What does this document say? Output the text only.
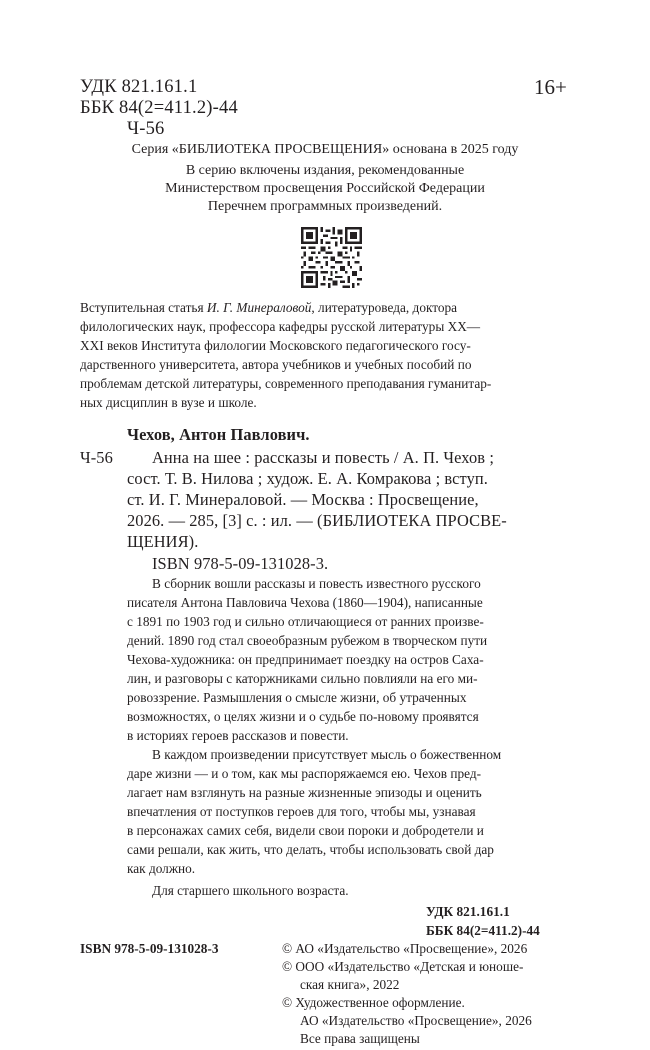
УДК 821.161.1
ББК 84(2=411.2)-44
Ч-56
16+
Серия «БИБЛИОТЕКА ПРОСВЕЩЕНИЯ» основана в 2025 году
В серию включены издания, рекомендованные
Министерством просвещения Российской Федерации
Перечнем программных произведений.
Вступительная статья И. Г. Минераловой, литературоведа, доктора
филологических наук, профессора кафедры русской литературы XX—
XXI веков Института филологии Московского педагогического госу-
дарственного университета, автора учебников и учебных пособий по
проблемам детской литературы, современного преподавания гуманитар-
ных дисциплин в вузе и школе.
Чехов, Антон Павлович.
Ч-56 Анна на шее : рассказы и повесть / А. П. Чехов ;
сост. Т. В. Нилова ; худож. Е. А. Комракова ; вступ.
ст. И. Г. Минераловой. — Москва : Просвещение,
2026. — 285, [3] с. : ил. — (БИБЛИОТЕКА ПРОСВЕ-
ЩЕНИЯ).
ISBN 978-5-09-131028-3.
В сборник вошли рассказы и повесть известного русского
писателя Антона Павловича Чехова (1860—1904), написанные
с 1891 по 1903 год и сильно отличающиеся от ранних произве-
дений. 1890 год стал своеобразным рубежом в творческом пути
Чехова-художника: он предпринимает поездку на остров Саха-
лин, и разговоры с каторжниками сильно повлияли на его ми-
ровоззрение. Размышления о смысле жизни, об утраченных
возможностях, о целях жизни и о судьбе по-новому проявятся
в историях героев рассказов и повести.
В каждом произведении присутствует мысль о божественном
даре жизни — и о том, как мы распоряжаемся ею. Чехов пред-
лагает нам взглянуть на разные жизненные эпизоды и оценить
впечатления от поступков героев для того, чтобы мы, узнавая
в персонажах самих себя, видели свои пороки и добродетели и
сами решали, как жить, что делать, чтобы использовать свой дар
как должно.
Для старшего школьного возраста.
УДК 821.161.1
ББК 84(2=411.2)-44
ISBN 978-5-09-131028-3	© АО «Издательство «Просвещение», 2026
© ООО «Издательство «Детская и юноше-
ская книга», 2022
© Художественное оформление.
АО «Издательство «Просвещение», 2026
Все права защищены
